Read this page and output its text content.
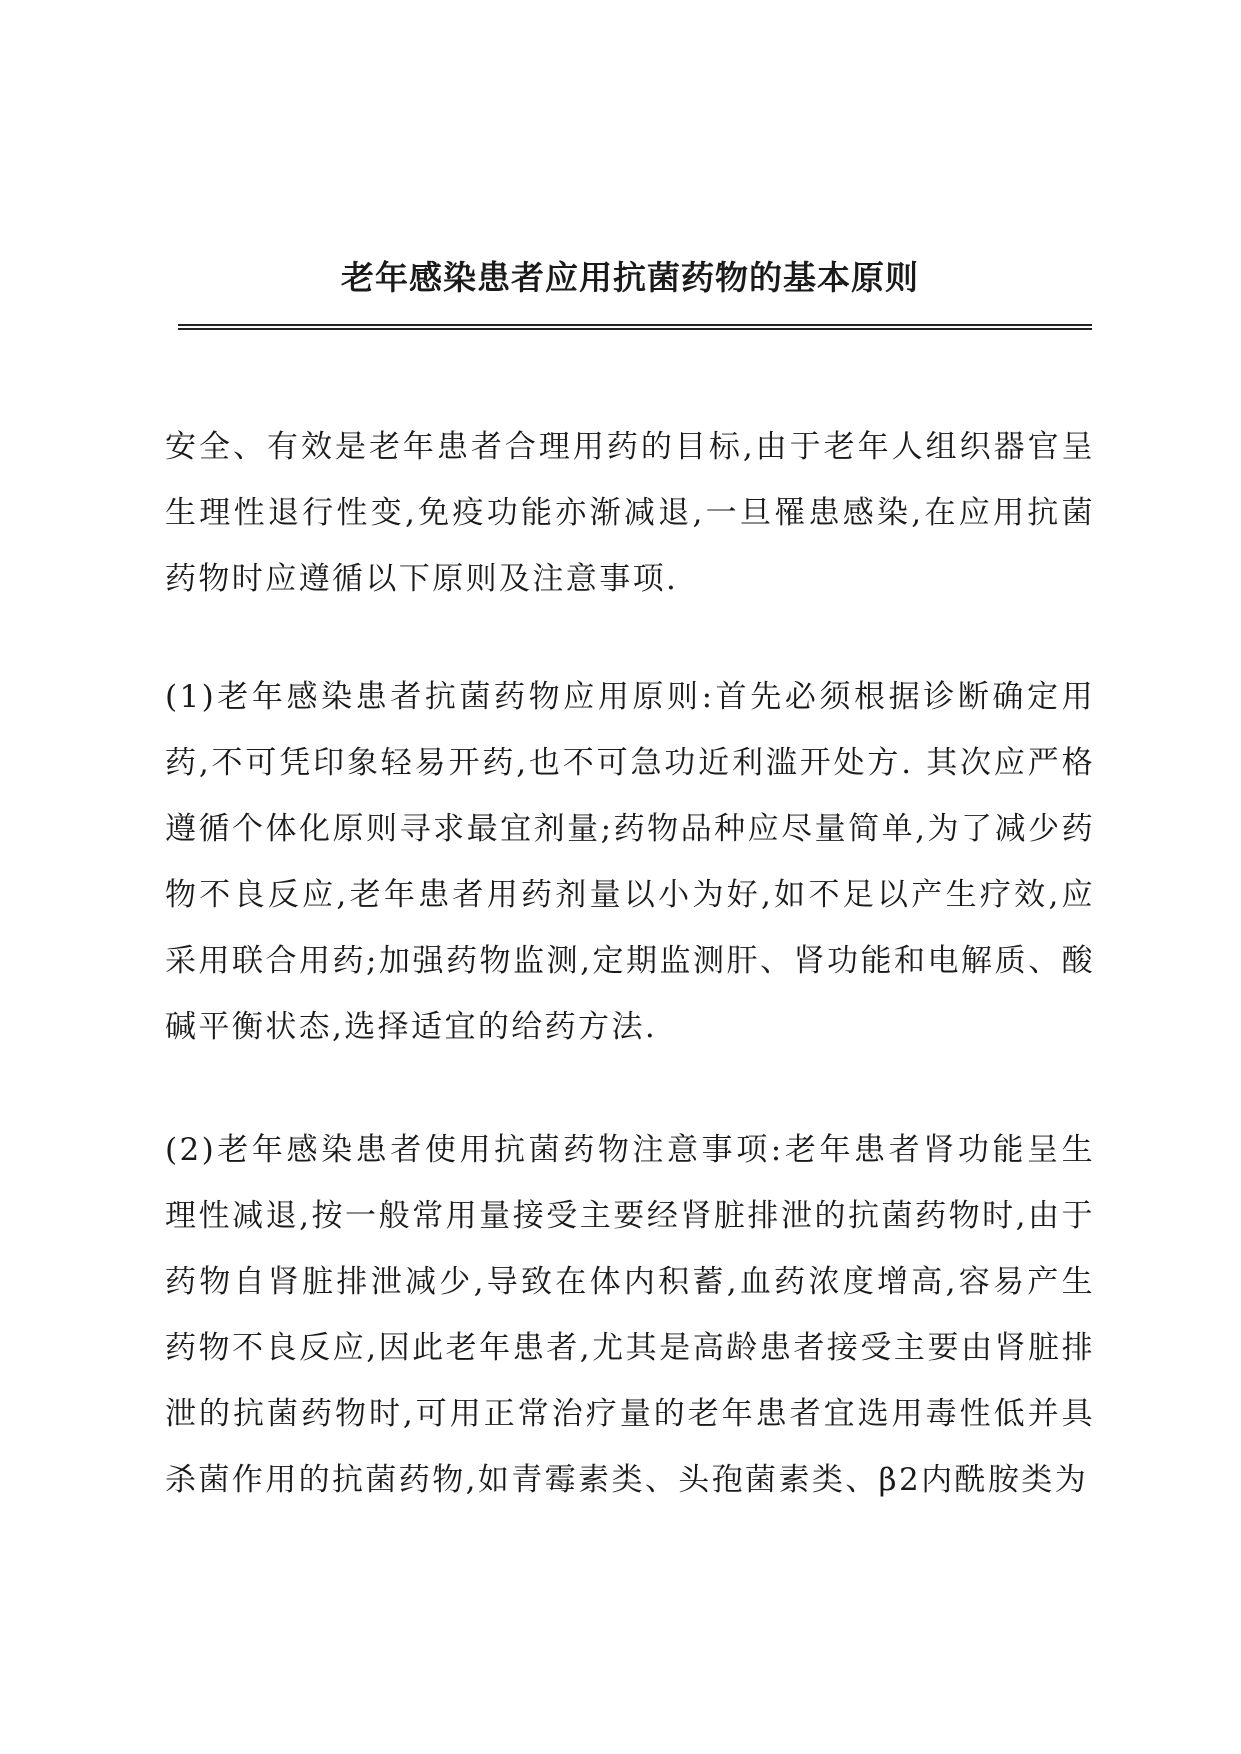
老年感染患者应用抗菌药物的基本原则

安全、有效是老年患者合理用药的目标,由于老年人组织器官呈生理性退行性变,免疫功能亦渐减退,一旦罹患感染,在应用抗菌药物时应遵循以下原则及注意事项.

(1)老年感染患者抗菌药物应用原则:首先必须根据诊断确定用药,不可凭印象轻易开药,也不可急功近利滥开处方. 其次应严格遵循个体化原则寻求最宜剂量;药物品种应尽量简单,为了减少药物不良反应,老年患者用药剂量以小为好,如不足以产生疗效,应采用联合用药;加强药物监测,定期监测肝、肾功能和电解质、酸碱平衡状态,选择适宜的给药方法.

(2)老年感染患者使用抗菌药物注意事项:老年患者肾功能呈生理性减退,按一般常用量接受主要经肾脏排泄的抗菌药物时,由于药物自肾脏排泄减少,导致在体内积蓄,血药浓度增高,容易产生药物不良反应,因此老年患者,尤其是高龄患者接受主要由肾脏排泄的抗菌药物时,可用正常治疗量的老年患者宜选用毒性低并具杀菌作用的抗菌药物,如青霉素类、头孢菌素类、β2内酰胺类为
